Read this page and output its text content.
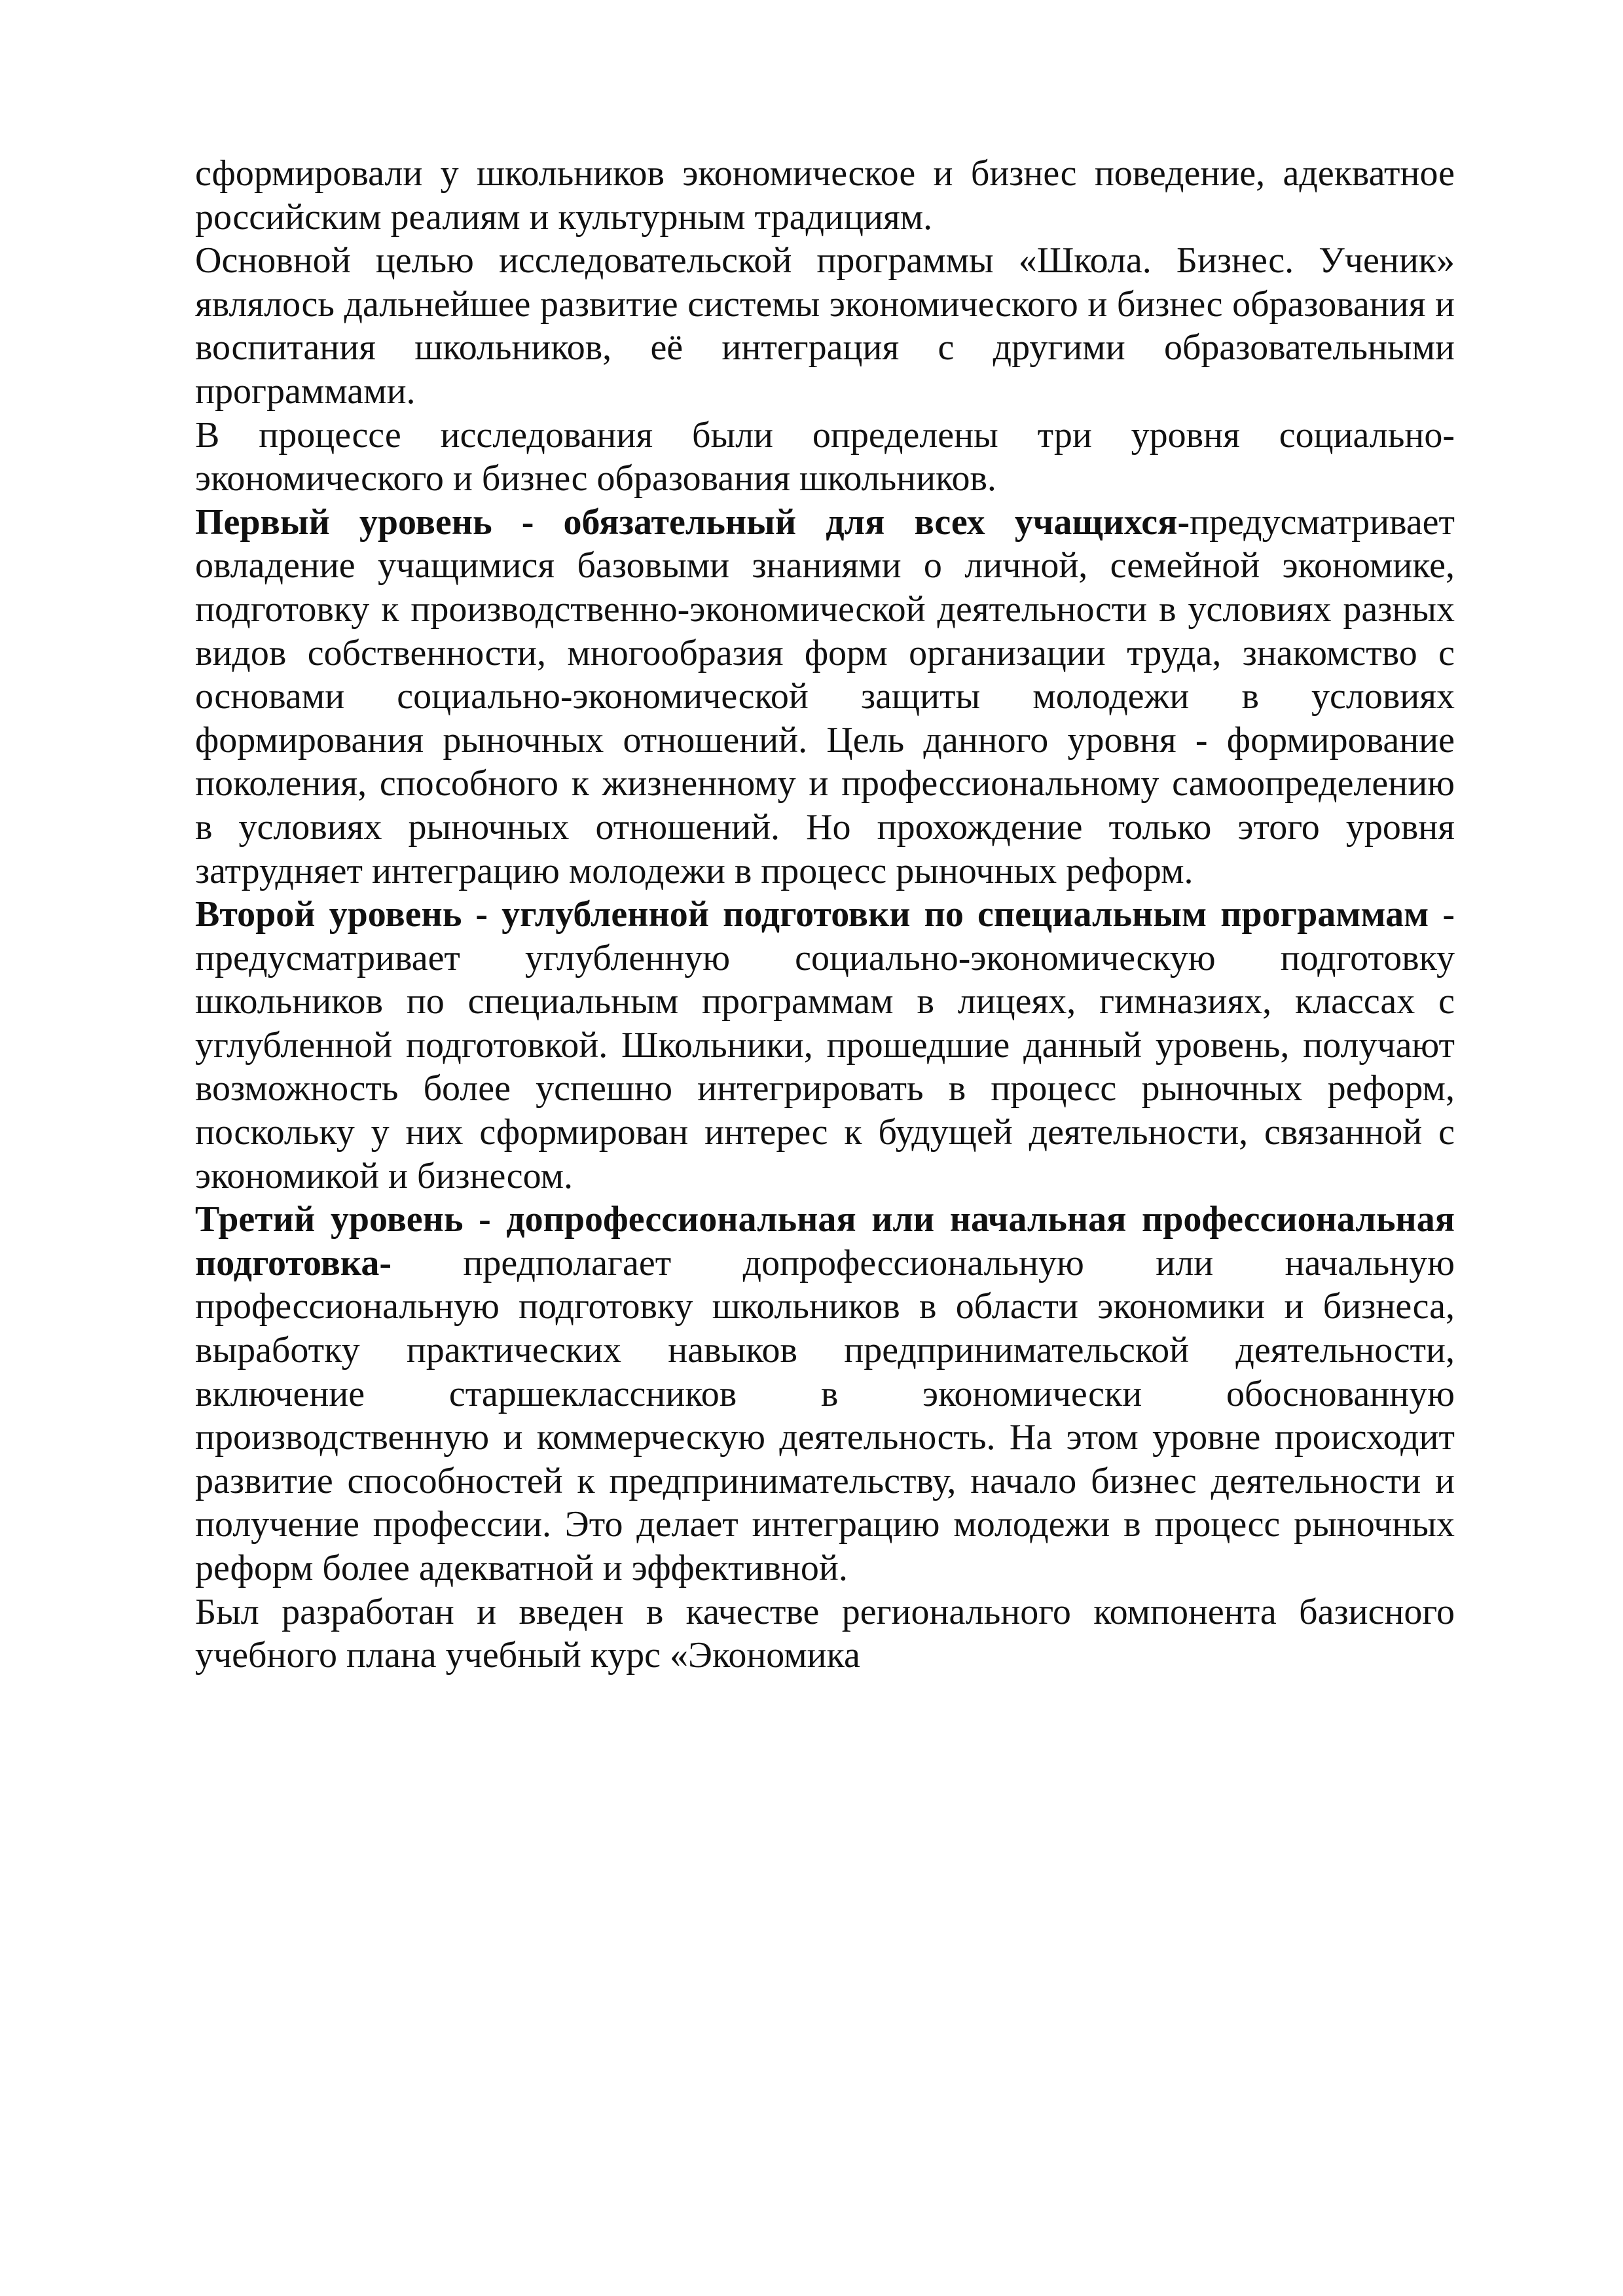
сформировали у школьников экономическое и бизнес поведение, адекватное российским реалиям и культурным традициям.

Основной целью исследовательской программы «Школа. Бизнес. Ученик» являлось дальнейшее развитие системы экономического и бизнес образования и воспитания школьников, её интеграция с другими образовательными программами.

В процессе исследования были определены три уровня социально-экономического и бизнес образования школьников.

Первый уровень - обязательный для всех учащихся-предусматривает овладение учащимися базовыми знаниями о личной, семейной экономике, подготовку к производственно-экономической деятельности в условиях разных видов собственности, многообразия форм организации труда, знакомство с основами социально-экономической защиты молодежи в условиях формирования рыночных отношений. Цель данного уровня - формирование поколения, способного к жизненному и профессиональному самоопределению в условиях рыночных отношений. Но прохождение только этого уровня затрудняет интеграцию молодежи в процесс рыночных реформ.

Второй уровень - углубленной подготовки по специальным программам - предусматривает углубленную социально-экономическую подготовку школьников по специальным программам в лицеях, гимназиях, классах с углубленной подготовкой. Школьники, прошедшие данный уровень, получают возможность более успешно интегрировать в процесс рыночных реформ, поскольку у них сформирован интерес к будущей деятельности, связанной с экономикой и бизнесом.

Третий уровень - допрофессиональная или начальная профессиональная подготовка- предполагает допрофессиональную или начальную профессиональную подготовку школьников в области экономики и бизнеса, выработку практических навыков предпринимательской деятельности, включение старшеклассников в экономически обоснованную производственную и коммерческую деятельность. На этом уровне происходит развитие способностей к предпринимательству, начало бизнес деятельности и получение профессии. Это делает интеграцию молодежи в процесс рыночных реформ более адекватной и эффективной.

Был разработан и введен в качестве регионального компонента базисного учебного плана учебный курс «Экономика
